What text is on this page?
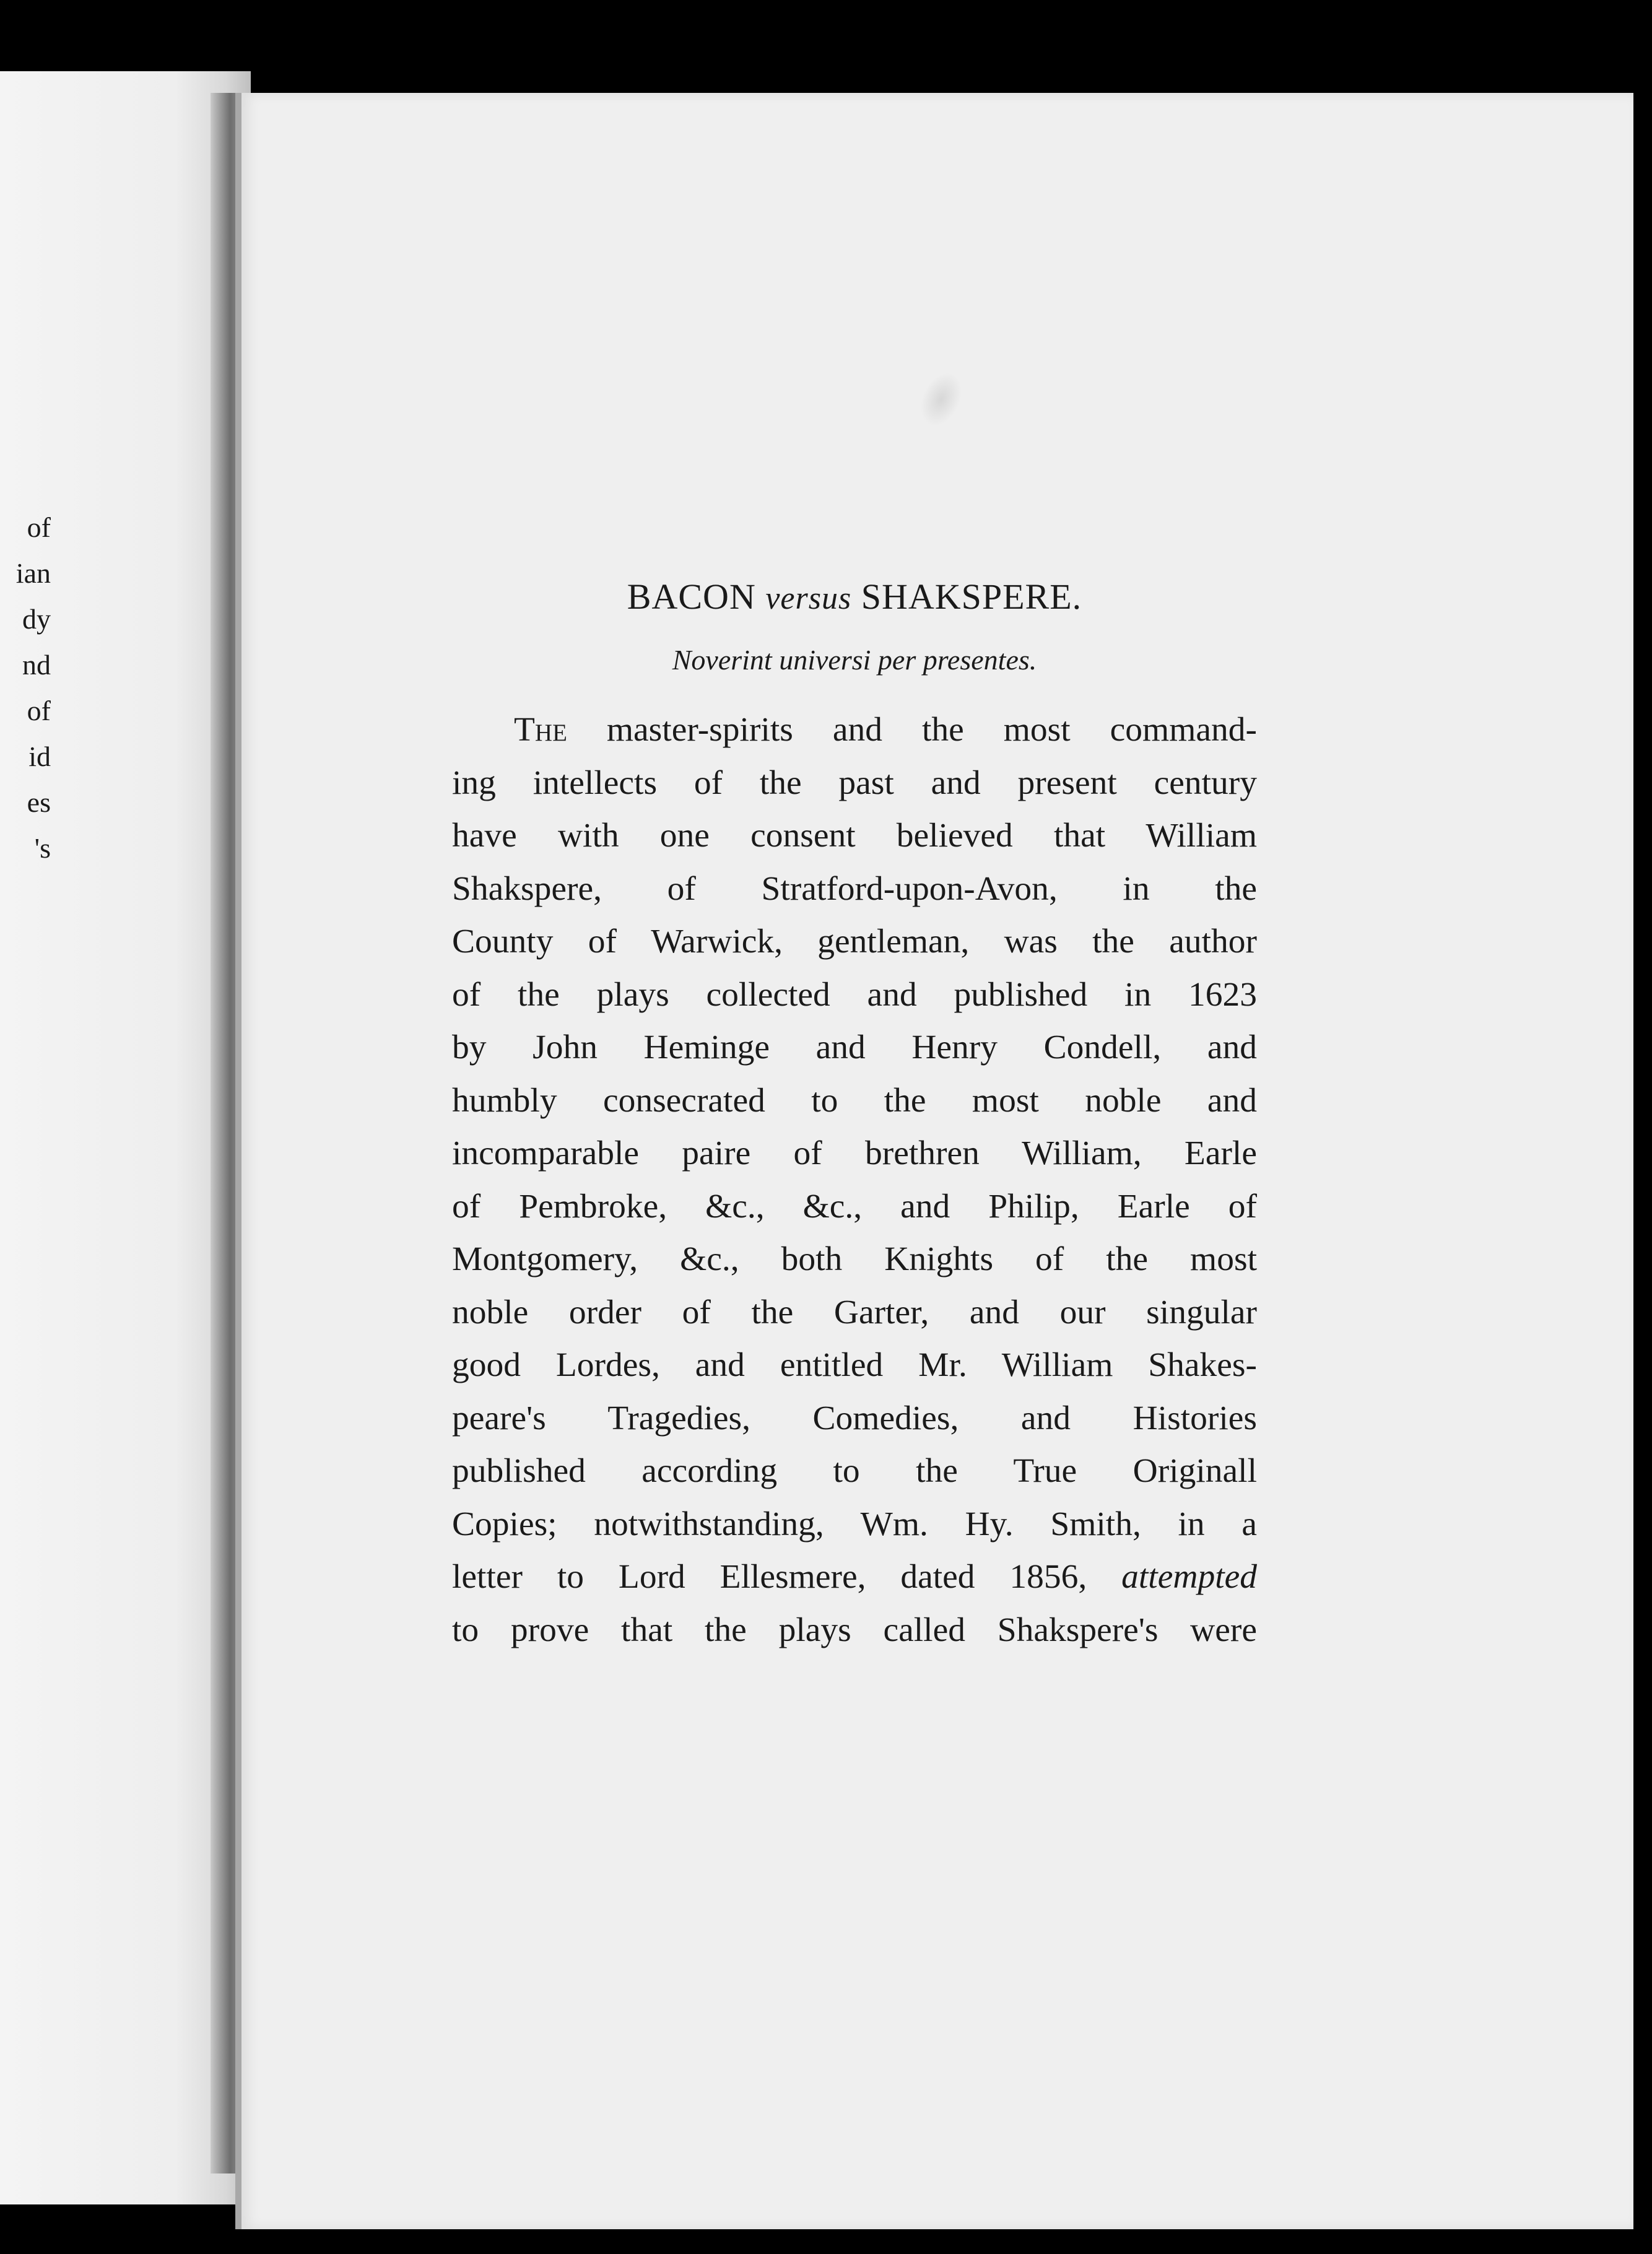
of
ian
dy
nd
of
id
es
's
BACON versus SHAKSPERE.
Noverint universi per presentes.
The master-spirits and the most command-
ing intellects of the past and present century
have with one consent believed that William
Shakspere, of Stratford-upon-Avon, in the
County of Warwick, gentleman, was the author
of the plays collected and published in 1623
by John Heminge and Henry Condell, and
humbly consecrated to the most noble and
incomparable paire of brethren William, Earle
of Pembroke, &c., &c., and Philip, Earle of
Montgomery, &c., both Knights of the most
noble order of the Garter, and our singular
good Lordes, and entitled Mr. William Shakes-
peare's Tragedies, Comedies, and Histories
published according to the True Originall
Copies; notwithstanding, Wm. Hy. Smith, in a
letter to Lord Ellesmere, dated 1856, attempted
to prove that the plays called Shakspere's were
